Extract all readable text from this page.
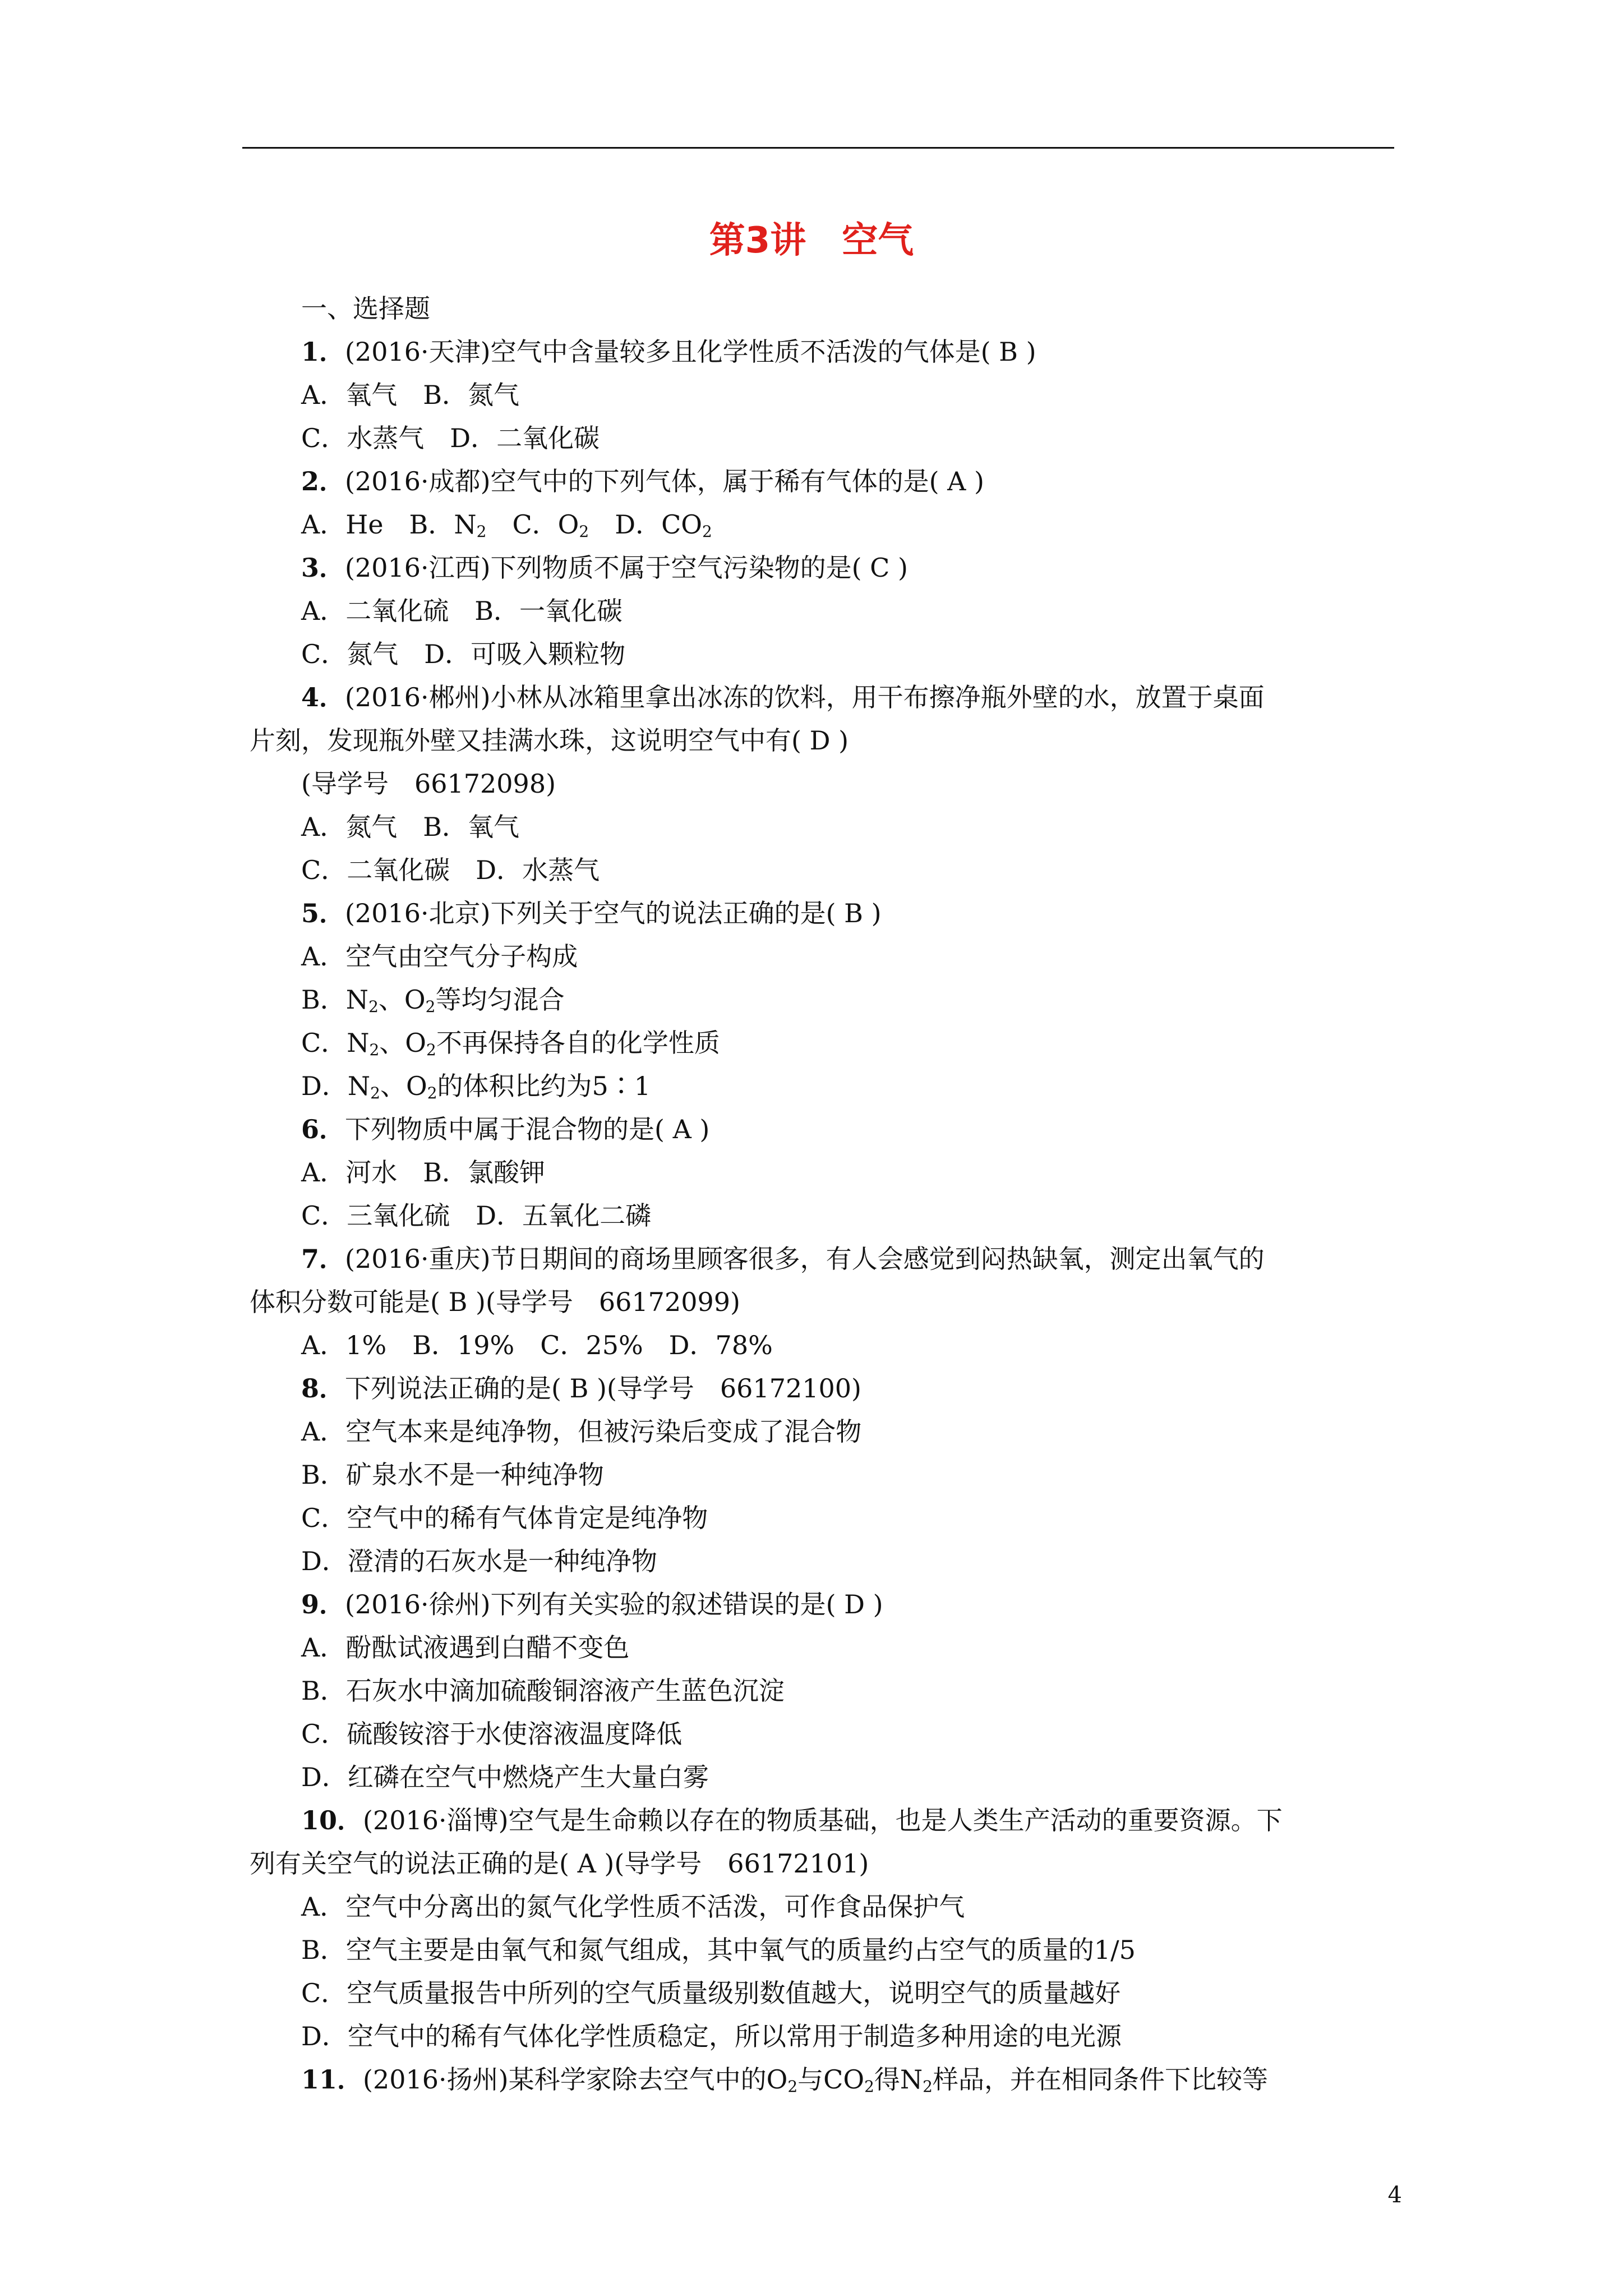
第3讲 空气
一、选择题
1．(2016·天津)空气中含量较多且化学性质不活泼的气体是( B )
A．氧气　B．氮气
C．水蒸气　D．二氧化碳
2．(2016·成都)空气中的下列气体，属于稀有气体的是( A )
A．He　B．$N_2$　C．$O_2$　D．$CO_2$
3．(2016·江西)下列物质不属于空气污染物的是( C )
A．二氧化硫　B．一氧化碳
C．氮气　D．可吸入颗粒物
4．(2016·郴州)小林从冰箱里拿出冰冻的饮料，用干布擦净瓶外壁的水，放置于桌面
片刻，发现瓶外壁又挂满水珠，这说明空气中有( D )
(导学号　66172098)
A．氮气　B．氧气
C．二氧化碳　D．水蒸气
5．(2016·北京)下列关于空气的说法正确的是( B )
A．空气由空气分子构成
B．$N_2$、$O_2$等均匀混合
C．$N_2$、$O_2$不再保持各自的化学性质
D．$N_2$、$O_2$的体积比约为5∶1
6．下列物质中属于混合物的是( A )
A．河水　B．氯酸钾
C．三氧化硫　D．五氧化二磷
7．(2016·重庆)节日期间的商场里顾客很多，有人会感觉到闷热缺氧，测定出氧气的
体积分数可能是( B )(导学号　66172099)
A．1%　B．19%　C．25%　D．78%
8．下列说法正确的是( B )(导学号　66172100)
A．空气本来是纯净物，但被污染后变成了混合物
B．矿泉水不是一种纯净物
C．空气中的稀有气体肯定是纯净物
D．澄清的石灰水是一种纯净物
9．(2016·徐州)下列有关实验的叙述错误的是( D )
A．酚酞试液遇到白醋不变色
B．石灰水中滴加硫酸铜溶液产生蓝色沉淀
C．硫酸铵溶于水使溶液温度降低
D．红磷在空气中燃烧产生大量白雾
10．(2016·淄博)空气是生命赖以存在的物质基础，也是人类生产活动的重要资源。下
列有关空气的说法正确的是( A )(导学号　66172101)
A．空气中分离出的氮气化学性质不活泼，可作食品保护气
B．空气主要是由氧气和氮气组成，其中氧气的质量约占空气的质量的1/5
C．空气质量报告中所列的空气质量级别数值越大，说明空气的质量越好
D．空气中的稀有气体化学性质稳定，所以常用于制造多种用途的电光源
11．(2016·扬州)某科学家除去空气中的$O_2$与$CO_2$得$N_2$样品，并在相同条件下比较等
4
